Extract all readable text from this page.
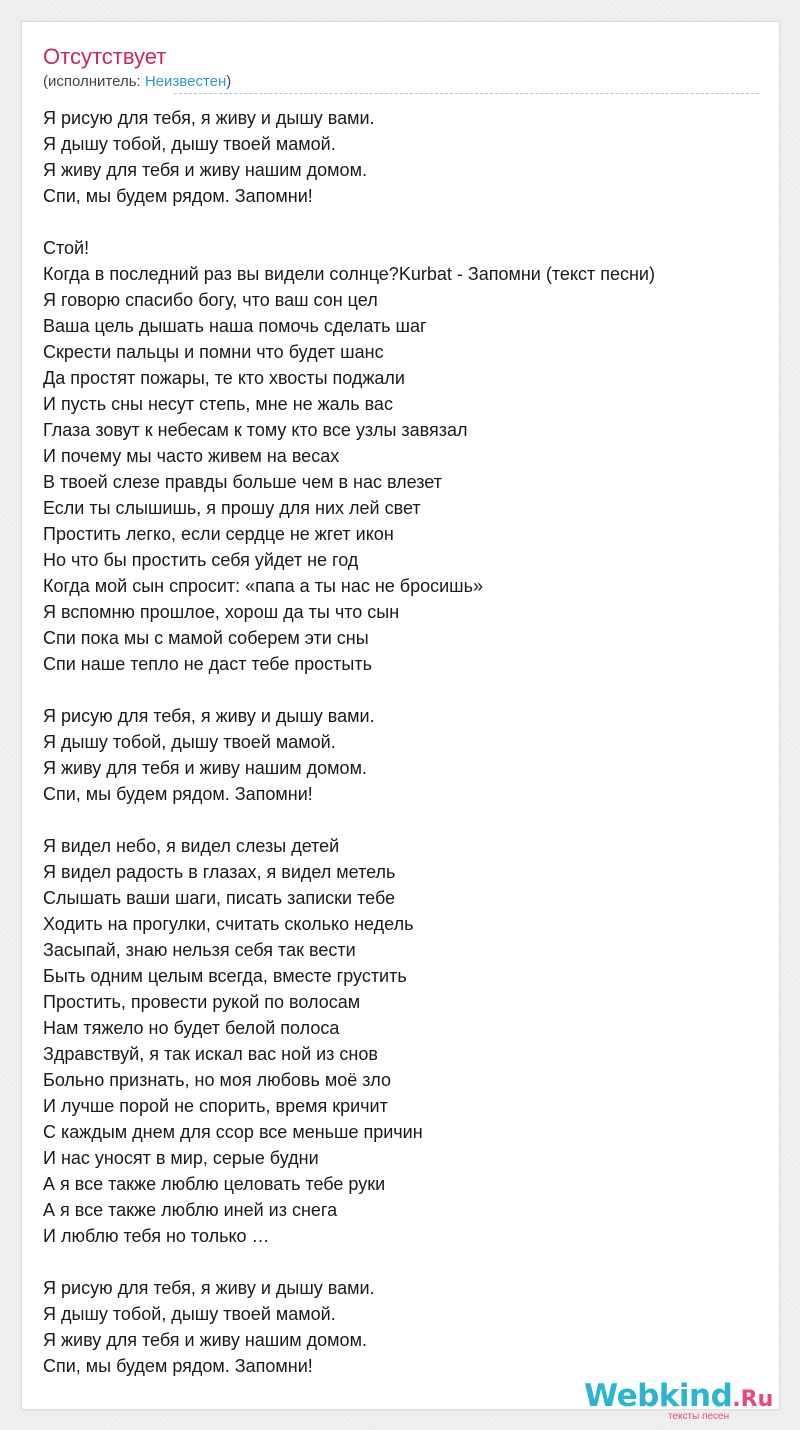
Отсутствует
(исполнитель: Неизвестен)
Я рисую для тебя, я живу и дышу вами.
Я дышу тобой, дышу твоей мамой.
Я живу для тебя и живу нашим домом.
Спи, мы будем рядом. Запомни!
Стой!
Когда в последний раз вы видели солнце?Kurbat - Запомни (текст песни)
Я говорю спасибо богу, что ваш сон цел
Ваша цель дышать наша помочь сделать шаг
Скрести пальцы и помни что будет шанс
Да простят пожары, те кто хвосты поджали
И пусть сны несут степь, мне не жаль вас
Глаза зовут к небесам к тому кто все узлы завязал
И почему мы часто живем на весах
В твоей слезе правды больше чем в нас влезет
Если ты слышишь, я прошу для них лей свет
Простить легко, если сердце не жгет икон
Но что бы простить себя уйдет не год
Когда мой сын спросит: «папа а ты нас не бросишь»
Я вспомню прошлое, хорош да ты что сын
Спи пока мы с мамой соберем эти сны
Спи наше тепло не даст тебе простыть
Я рисую для тебя, я живу и дышу вами.
Я дышу тобой, дышу твоей мамой.
Я живу для тебя и живу нашим домом.
Спи, мы будем рядом. Запомни!
Я видел небо, я видел слезы детей
Я видел радость в глазах, я видел метель
Слышать ваши шаги, писать записки тебе
Ходить на прогулки, считать сколько недель
Засыпай, знаю нельзя себя так вести
Быть одним целым всегда, вместе грустить
Простить, провести рукой по волосам
Нам тяжело но будет белой полоса
Здравствуй, я так искал вас ной из снов
Больно признать, но моя любовь моё зло
И лучше порой не спорить, время кричит
С каждым днем для ссор все меньше причин
И нас уносят в мир, серые будни
А я все также люблю целовать тебе руки
А я все также люблю иней из снега
И люблю тебя но только …
Я рисую для тебя, я живу и дышу вами.
Я дышу тобой, дышу твоей мамой.
Я живу для тебя и живу нашим домом.
Спи, мы будем рядом. Запомни!
Webkind.Ru
тексты песен
